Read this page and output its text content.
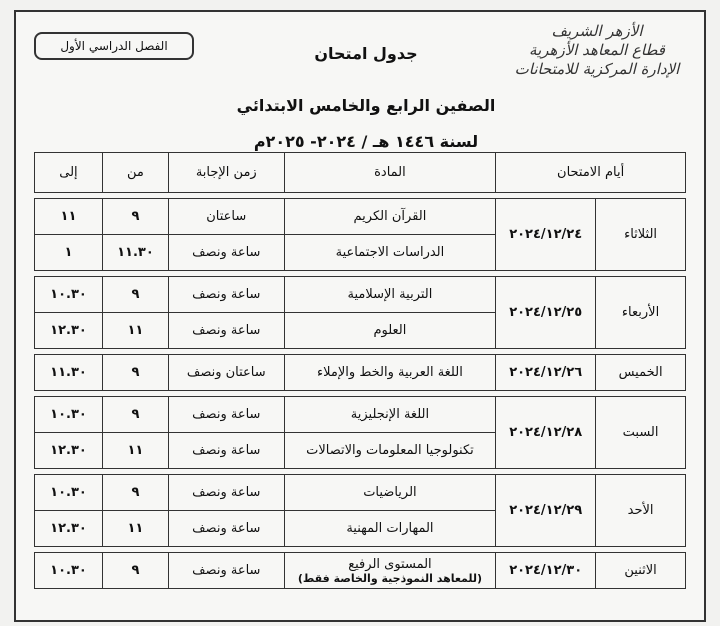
الأزهر الشريف
قطاع المعاهد الأزهرية
الإدارة المركزية للامتحانات
الفصل الدراسي الأول	جدول امتحان
الصفين الرابع والخامس الابتدائي
لسنة ١٤٤٦ هـ / ٢٠٢٤- ٢٠٢٥م
أيام الامتحان		المادة	زمن الإجابة	من	إلى

الثلاثاء	٢٠٢٤/١٢/٢٤	القرآن الكريم	ساعتان	٩	١١

		الدراسات الاجتماعية	ساعة ونصف	١١.٣٠	١

الأربعاء	٢٠٢٤/١٢/٢٥	التربية الإسلامية	ساعة ونصف	٩	١٠.٣٠

		العلوم	ساعة ونصف	١١	١٢.٣٠

الخميس	٢٠٢٤/١٢/٢٦	اللغة العربية والخط والإملاء	ساعتان ونصف	٩	١١.٣٠

السبت	٢٠٢٤/١٢/٢٨	اللغة الإنجليزية	ساعة ونصف	٩	١٠.٣٠

		تكنولوجيا المعلومات والاتصالات	ساعة ونصف	١١	١٢.٣٠

الأحد	٢٠٢٤/١٢/٢٩	الرياضيات	ساعة ونصف	٩	١٠.٣٠

		المهارات المهنية	ساعة ونصف	١١	١٢.٣٠

الاثنين	٢٠٢٤/١٢/٣٠	المستوى الرفيع
(للمعاهد النموذجية والخاصة فقط)	ساعة ونصف	٩	١٠.٣٠
